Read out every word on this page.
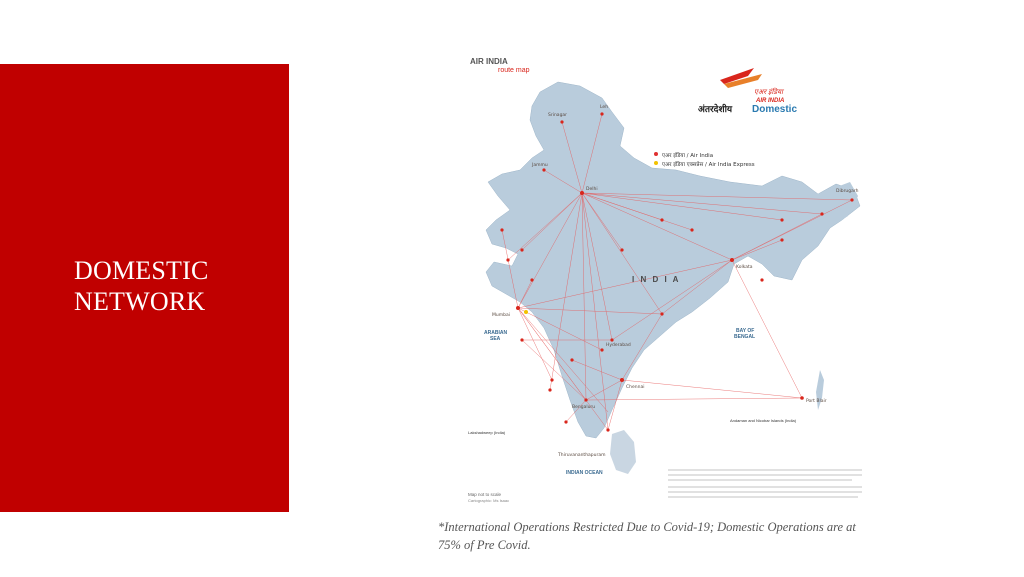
DOMESTIC
NETWORK
AIR INDIA
route map
एअर इंडिया
AIR INDIA
अंतरदेशीय Domestic
एअर इंडिया / Air India
एअर इंडिया एक्सप्रेस / Air India Express
Srinagar
Leh
Jammu
Delhi
Mumbai
Chennai
Kolkata
Hyderabad
Bengaluru
Thiruvananthapuram
Port Blair
Dibrugarh
I N D I A
ARABIAN
SEA
BAY OF
BENGAL
INDIAN OCEAN
Lakshadweep (India)
Andaman and Nicobar Islands (India)
Map not to scale
Cartographic: Ms Isaac
*International Operations Restricted Due to Covid-19; Domestic Operations are at
75% of Pre Covid.
